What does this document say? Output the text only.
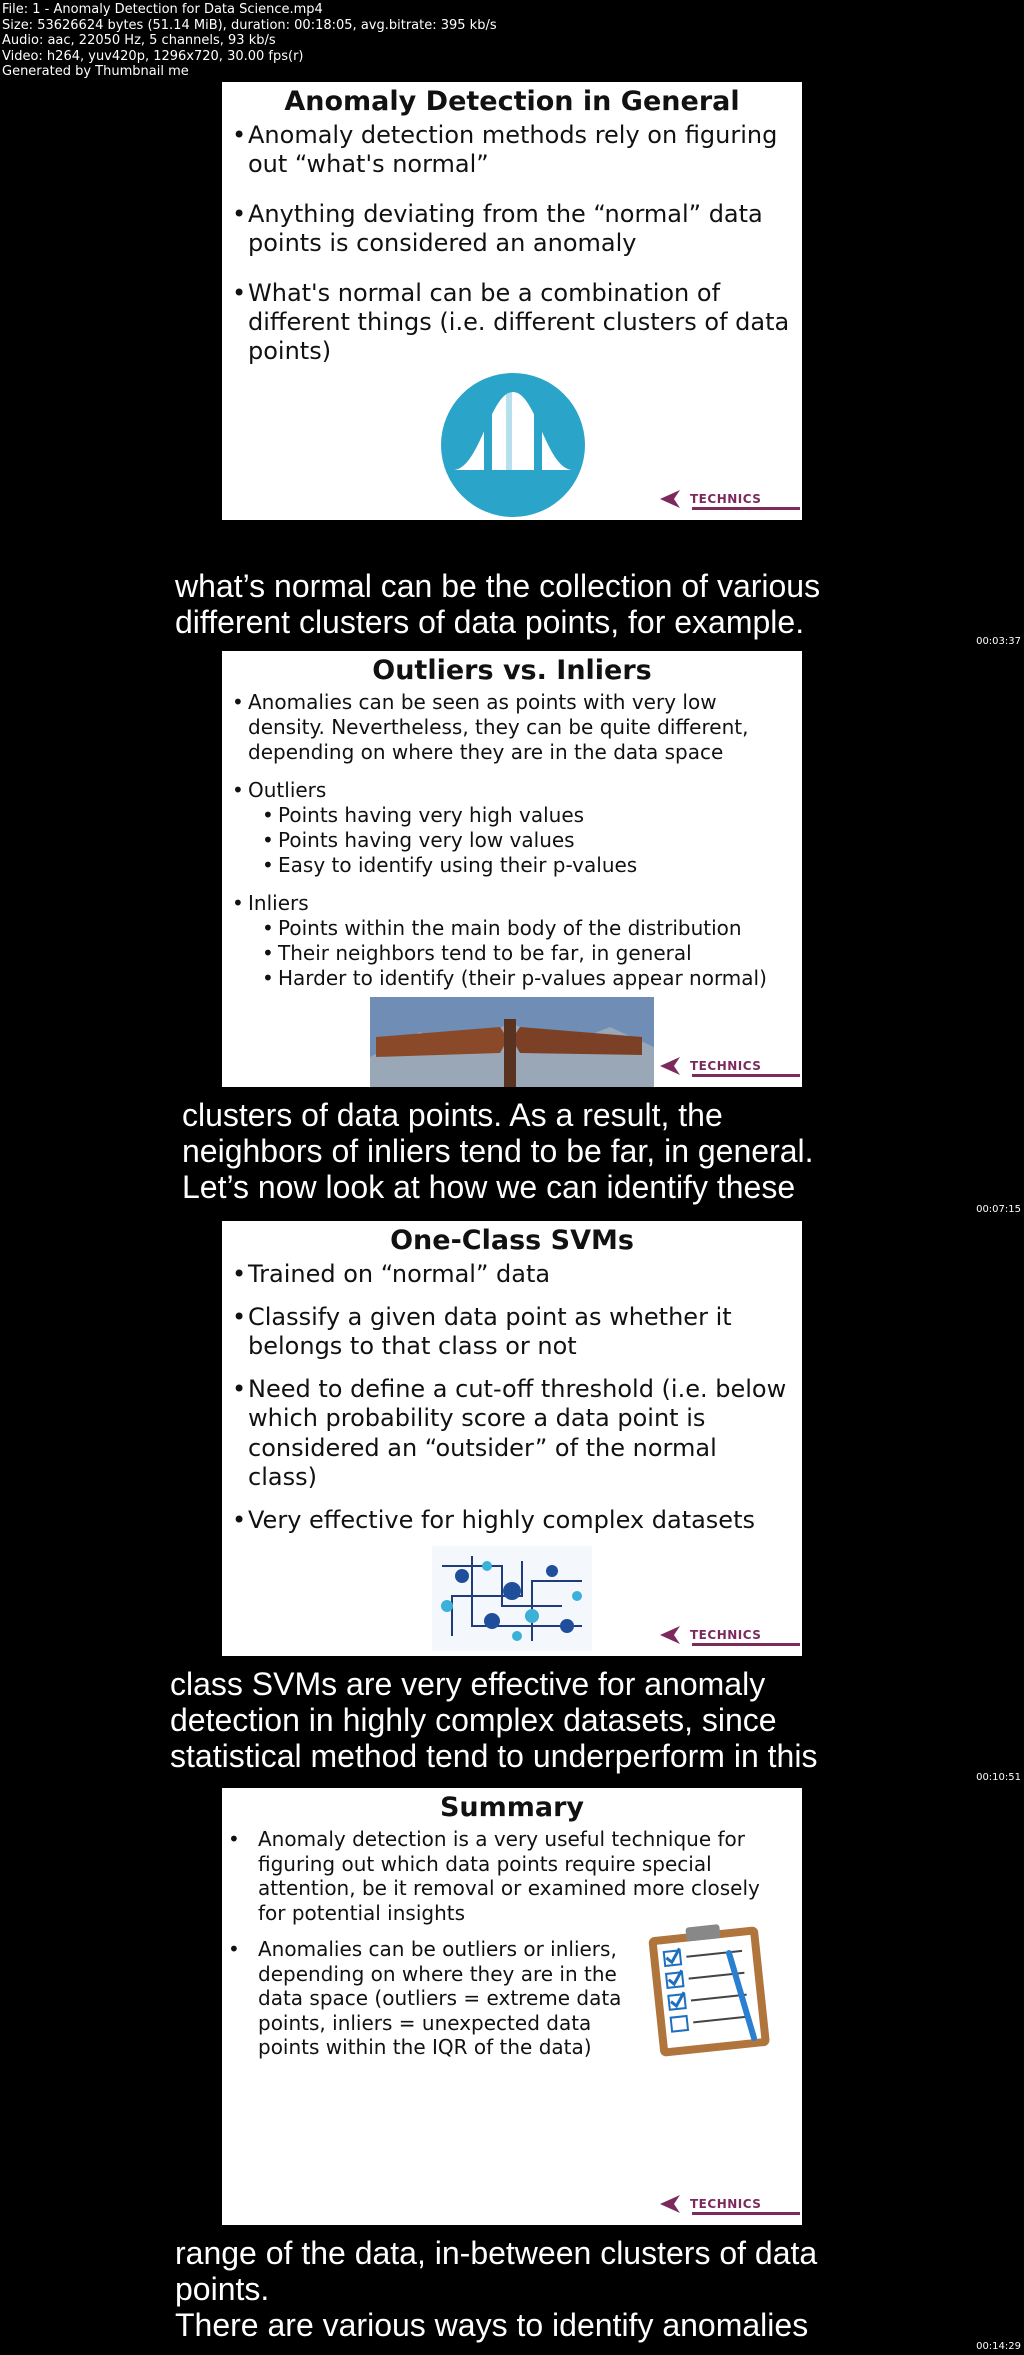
File: 1 - Anomaly Detection for Data Science.mp4
Size: 53626624 bytes (51.14 MiB), duration: 00:18:05, avg.bitrate: 395 kb/s
Audio: aac, 22050 Hz, 5 channels, 93 kb/s
Video: h264, yuv420p, 1296x720, 30.00 fps(r)
Generated by Thumbnail me
Anomaly Detection in General
• Anomaly detection methods rely on figuring out “what's normal”
• Anything deviating from the “normal” data points is considered an anomaly
• What's normal can be a combination of different things (i.e. different clusters of data points)
TECHNICS
what’s normal can be the collection of various
different clusters of data points, for example.
00:03:37
Outliers vs. Inliers
• Anomalies can be seen as points with very low density. Nevertheless, they can be quite different, depending on where they are in the data space
• Outliers
• Points having very high values
• Points having very low values
• Easy to identify using their p-values
• Inliers
• Points within the main body of the distribution
• Their neighbors tend to be far, in general
• Harder to identify (their p-values appear normal)
TECHNICS
clusters of data points. As a result, the
neighbors of inliers tend to be far, in general.
Let’s now look at how we can identify these
00:07:15
One-Class SVMs
• Trained on “normal” data
• Classify a given data point as whether it belongs to that class or not
• Need to define a cut-off threshold (i.e. below which probability score a data point is considered an “outsider” of the normal class)
• Very effective for highly complex datasets
TECHNICS
class SVMs are very effective for anomaly
detection in highly complex datasets, since
statistical method tend to underperform in this
00:10:51
Summary
• Anomaly detection is a very useful technique for figuring out which data points require special attention, be it removal or examined more closely for potential insights
• Anomalies can be outliers or inliers, depending on where they are in the data space (outliers = extreme data points, inliers = unexpected data points within the IQR of the data)
TECHNICS
range of the data, in-between clusters of data
points.
There are various ways to identify anomalies
00:14:29
